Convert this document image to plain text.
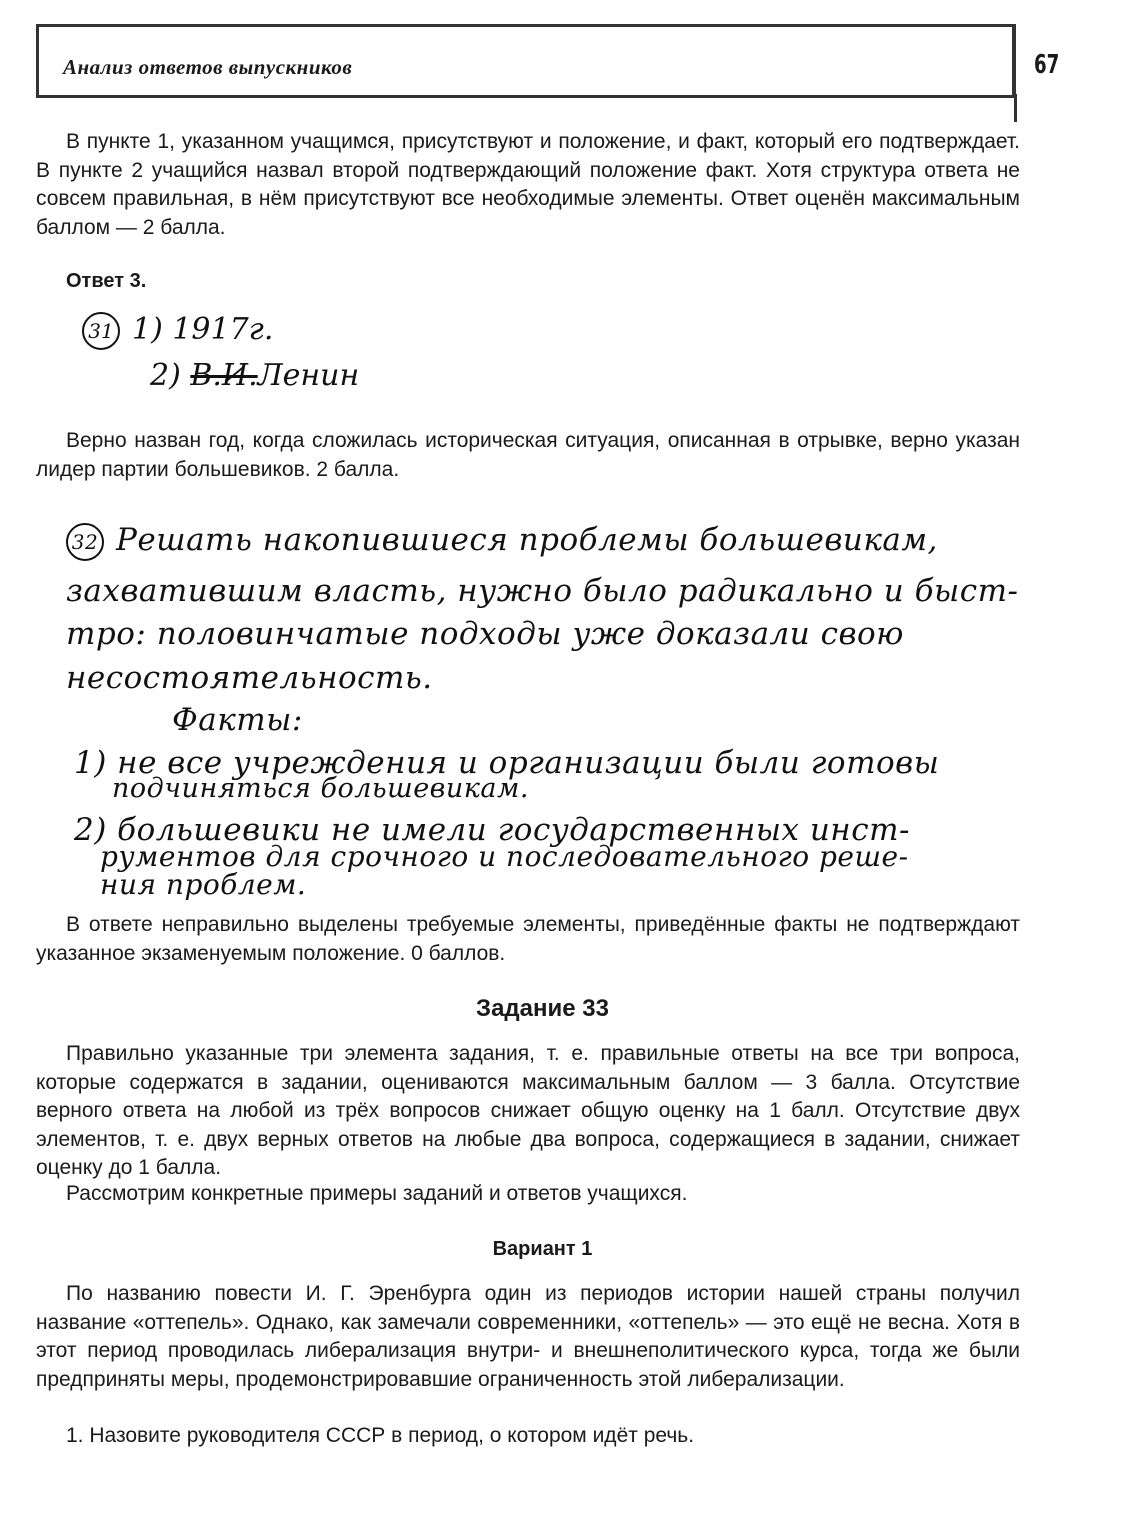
Анализ ответов выпускников	67

В пункте 1, указанном учащимся, присутствуют и положение, и факт, который его подтверждает. В пункте 2 учащийся назвал второй подтверждающий положение факт. Хотя структура ответа не совсем правильная, в нём присутствуют все необходимые элементы. Ответ оценён максимальным баллом — 2 балла.

Ответ 3.
31 1) 1917г.
2) В.И.Ленин

Верно назван год, когда сложилась историческая ситуация, описанная в отрывке, верно указан лидер партии большевиков. 2 балла.

32 Решать накопившиеся проблемы большевикам,
захватившим власть, нужно было радикально и быст-
тро: половинчатые подходы уже доказали свою
несостоятельность.
Факты:
1) не все учреждения и организации были готовы
подчиняться большевикам.
2) большевики не имели государственных инст-
рументов для срочного и последовательного реше-
ния проблем.

В ответе неправильно выделены требуемые элементы, приведённые факты не подтверждают указанное экзаменуемым положение. 0 баллов.

Задание 33

Правильно указанные три элемента задания, т. е. правильные ответы на все три вопроса, которые содержатся в задании, оцениваются максимальным баллом — 3 балла. Отсутствие верного ответа на любой из трёх вопросов снижает общую оценку на 1 балл. Отсутствие двух элементов, т. е. двух верных ответов на любые два вопроса, содержащиеся в задании, снижает оценку до 1 балла.

Рассмотрим конкретные примеры заданий и ответов учащихся.

Вариант 1

По названию повести И. Г. Эренбурга один из периодов истории нашей страны получил название «оттепель». Однако, как замечали современники, «оттепель» — это ещё не весна. Хотя в этот период проводилась либерализация внутри- и внешнеполитического курса, тогда же были предприняты меры, продемонстрировавшие ограниченность этой либерализации.

1. Назовите руководителя СССР в период, о котором идёт речь.
